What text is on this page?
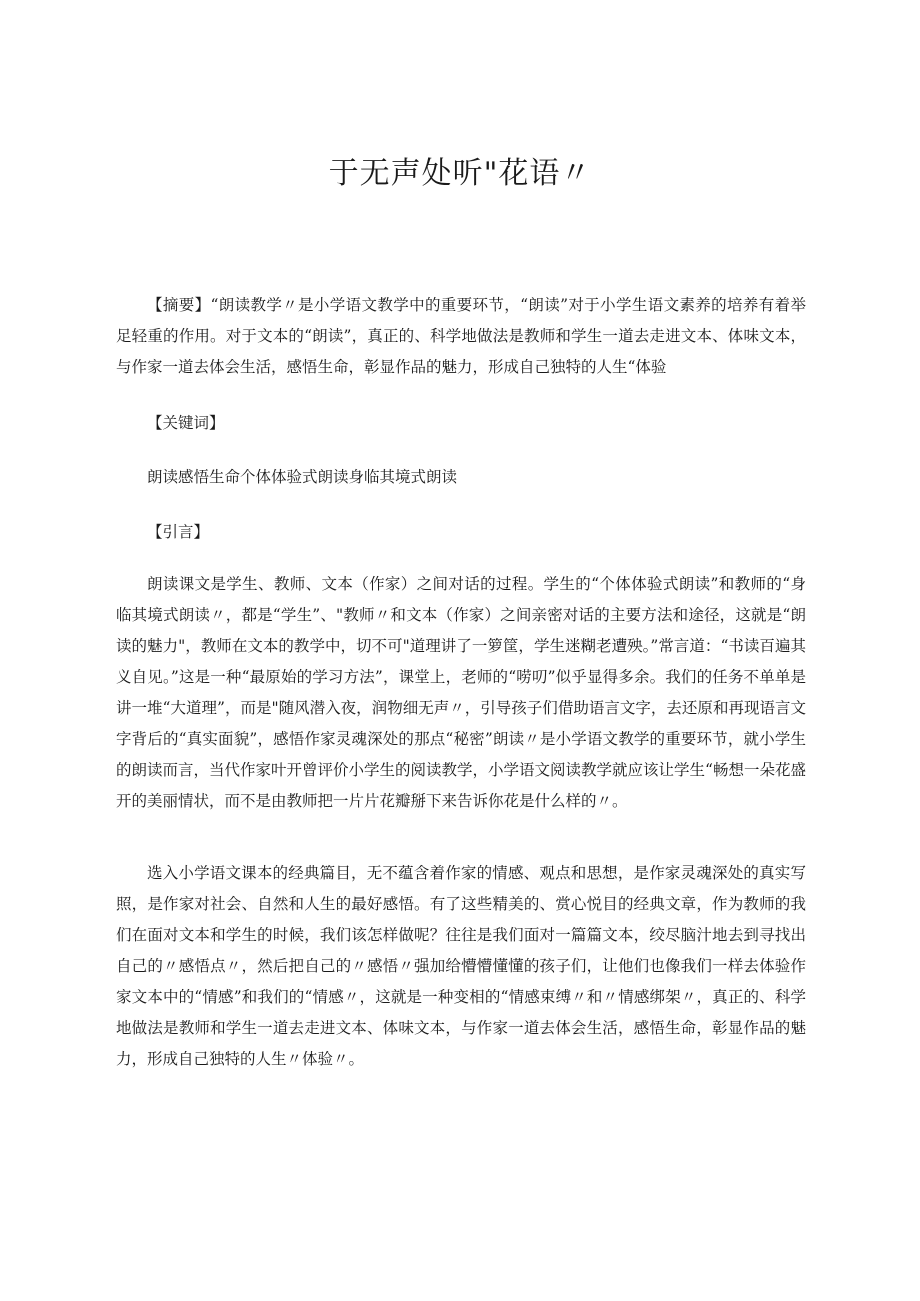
于无声处听"花语〃

【摘要】“朗读教学〃是小学语文教学中的重要环节，“朗读”对于小学生语文素养的培养有着举足轻重的作用。对于文本的“朗读”，真正的、科学地做法是教师和学生一道去走进文本、体味文本，与作家一道去体会生活，感悟生命，彰显作品的魅力，形成自己独特的人生“体验

【关键词】

朗读感悟生命个体体验式朗读身临其境式朗读

【引言】

朗读课文是学生、教师、文本（作家）之间对话的过程。学生的“个体体验式朗读”和教师的“身临其境式朗读〃，都是“学生”、"教师〃和文本（作家）之间亲密对话的主要方法和途径，这就是“朗读的魅力"，教师在文本的教学中，切不可"道理讲了一箩筐，学生迷糊老遭殃。”常言道：“书读百遍其义自见。”这是一种“最原始的学习方法”，课堂上，老师的“唠叨”似乎显得多余。我们的任务不单单是讲一堆“大道理”，而是"随风潜入夜，润物细无声〃，引导孩子们借助语言文字，去还原和再现语言文字背后的“真实面貌”，感悟作家灵魂深处的那点“秘密”朗读〃是小学语文教学的重要环节，就小学生的朗读而言，当代作家叶开曾评价小学生的阅读教学，小学语文阅读教学就应该让学生“畅想一朵花盛开的美丽情状，而不是由教师把一片片花瓣掰下来告诉你花是什么样的〃。

选入小学语文课本的经典篇目，无不蕴含着作家的情感、观点和思想，是作家灵魂深处的真实写照，是作家对社会、自然和人生的最好感悟。有了这些精美的、赏心悦目的经典文章，作为教师的我们在面对文本和学生的时候，我们该怎样做呢？往往是我们面对一篇篇文本，绞尽脑汁地去到寻找出自己的〃感悟点〃，然后把自己的〃感悟〃强加给懵懵懂懂的孩子们，让他们也像我们一样去体验作家文本中的“情感”和我们的“情感〃，这就是一种变相的“情感束缚〃和〃情感绑架〃，真正的、科学地做法是教师和学生一道去走进文本、体味文本，与作家一道去体会生活，感悟生命，彰显作品的魅力，形成自己独特的人生〃体验〃。
